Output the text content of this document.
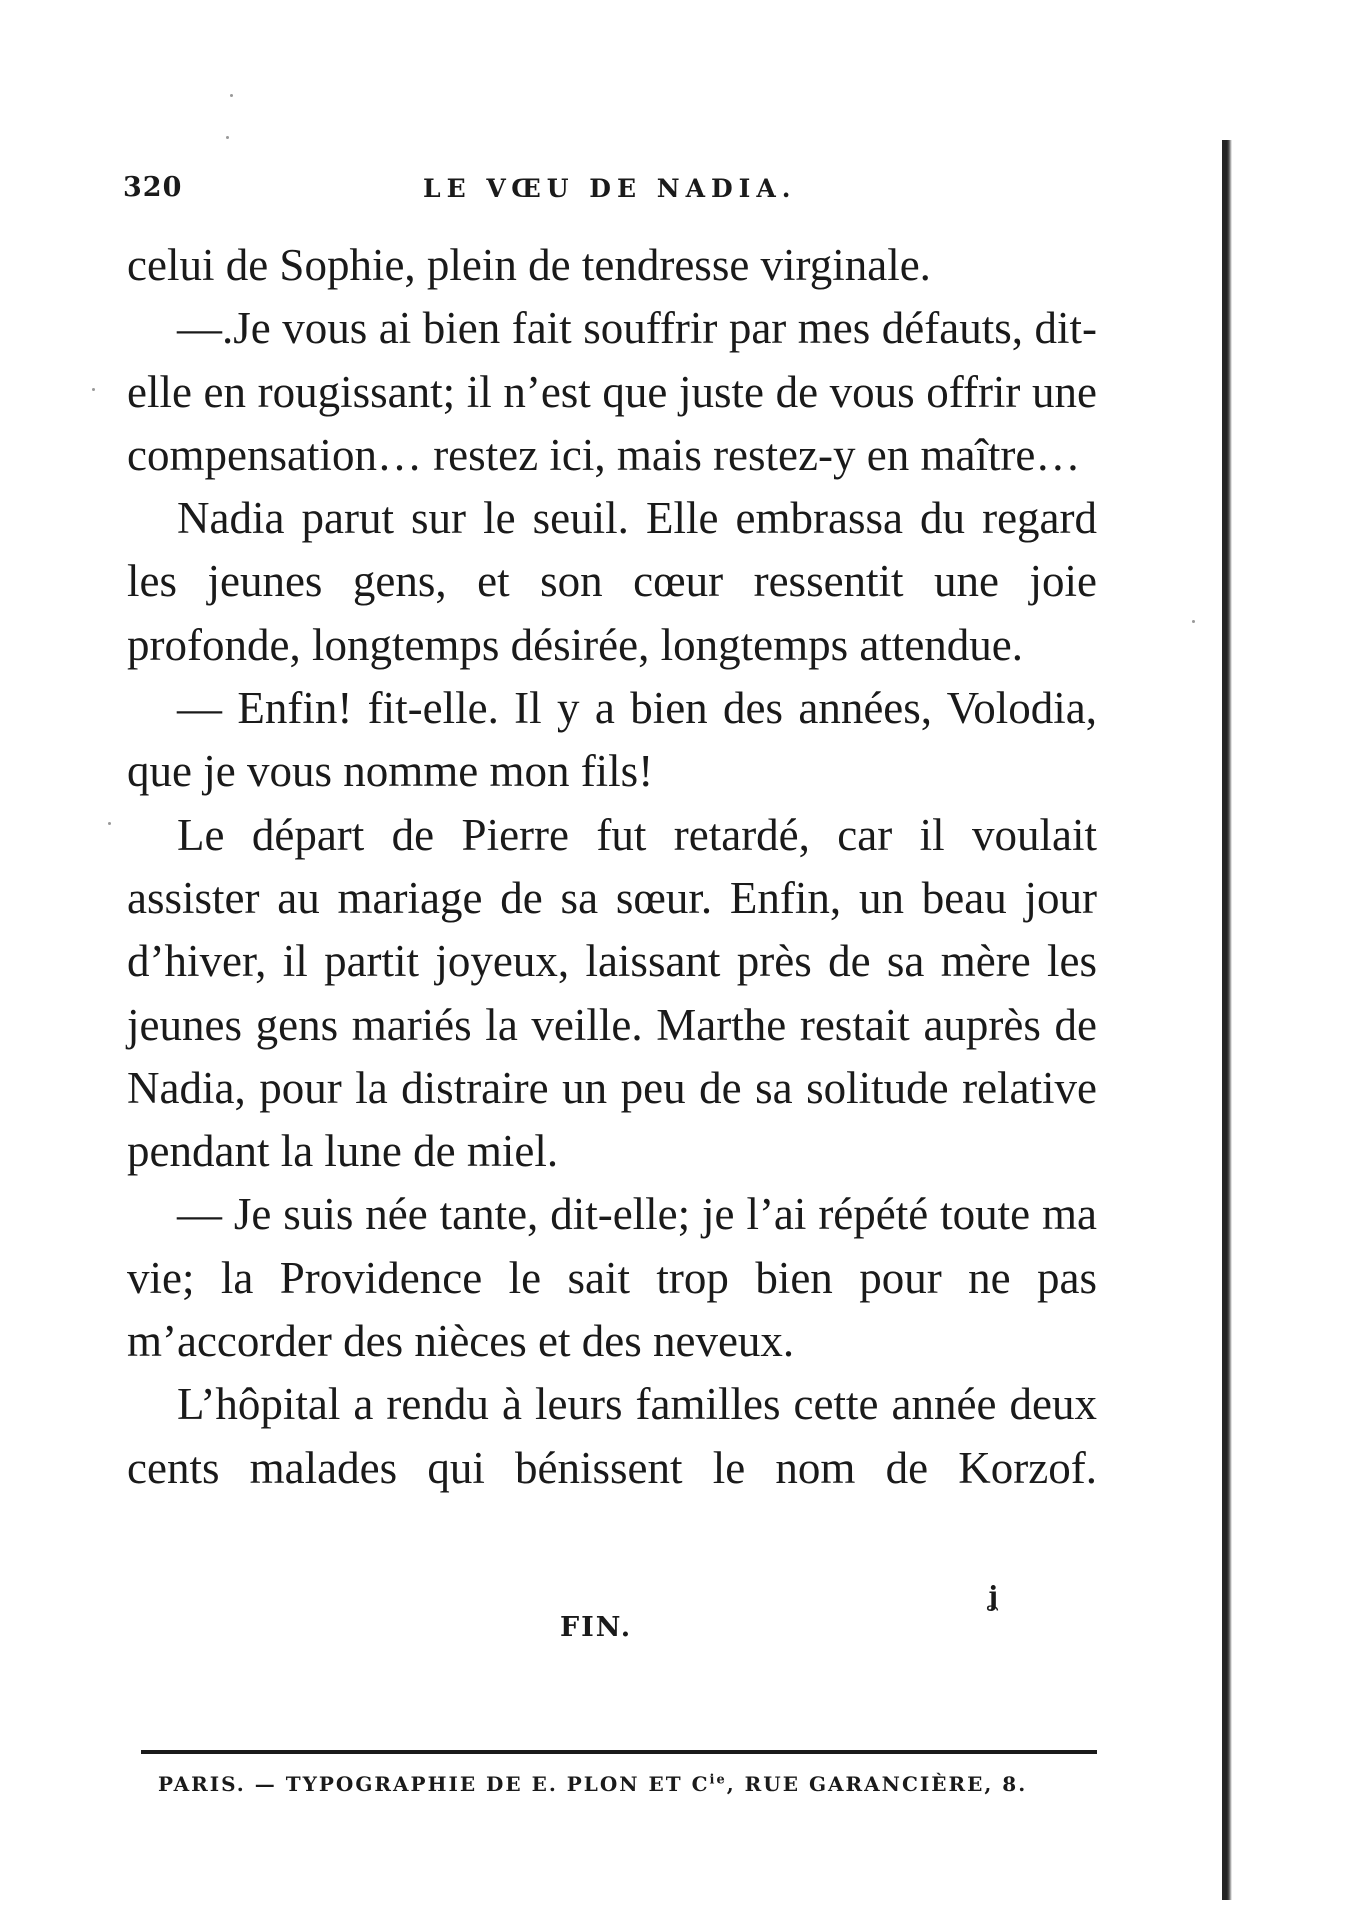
320	LE VŒU DE NADIA.

celui de Sophie, plein de tendresse virginale.

—.Je vous ai bien fait souffrir par mes défauts, dit-elle en rougissant; il n’est que juste de vous offrir une compensation… restez ici, mais restez-y en maître…

Nadia parut sur le seuil. Elle embrassa du regard les jeunes gens, et son cœur ressentit une joie profonde, longtemps désirée, longtemps attendue.

— Enfin! fit-elle. Il y a bien des années, Volodia, que je vous nomme mon fils!

Le départ de Pierre fut retardé, car il voulait assister au mariage de sa sœur. Enfin, un beau jour d’hiver, il partit joyeux, laissant près de sa mère les jeunes gens mariés la veille. Marthe restait auprès de Nadia, pour la distraire un peu de sa solitude relative pendant la lune de miel.

— Je suis née tante, dit-elle; je l’ai répété toute ma vie; la Providence le sait trop bien pour ne pas m’accorder des nièces et des neveux.

L’hôpital a rendu à leurs familles cette année deux cents malades qui bénissent le nom de Korzof.

ʝ
FIN.
PARIS. — TYPOGRAPHIE DE E. PLON ET $C^{ie}$, RUE GARANCIÈRE, 8.
